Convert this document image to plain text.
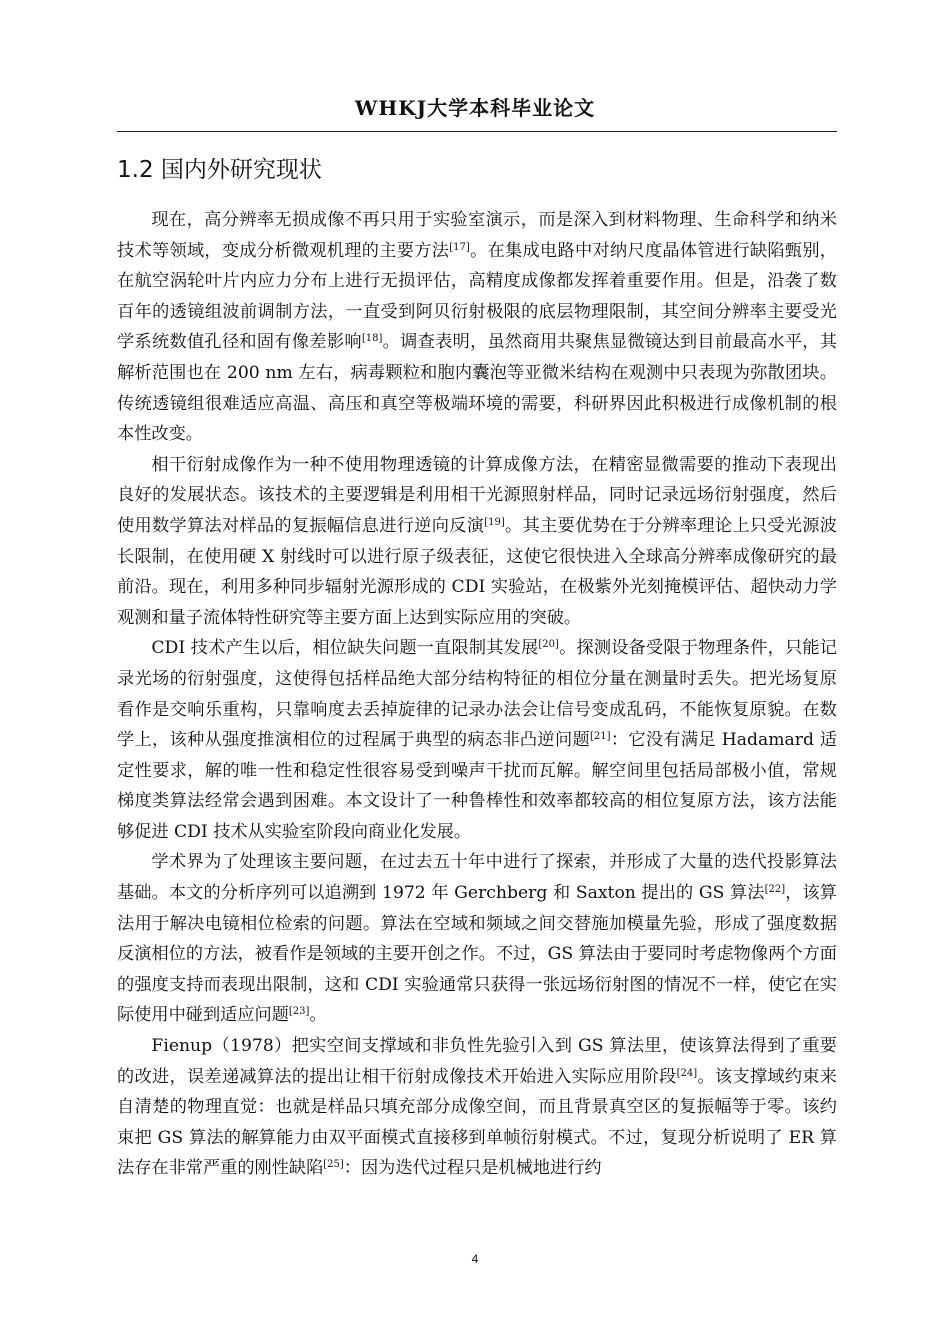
WHKJ大学本科毕业论文
1.2 国内外研究现状

现在，高分辨率无损成像不再只用于实验室演示，而是深入到材料物理、生命科学和纳米技术等领域，变成分析微观机理的主要方法[17]。在集成电路中对纳尺度晶体管进行缺陷甄别，在航空涡轮叶片内应力分布上进行无损评估，高精度成像都发挥着重要作用。但是，沿袭了数百年的透镜组波前调制方法，一直受到阿贝衍射极限的底层物理限制，其空间分辨率主要受光学系统数值孔径和固有像差影响[18]。调查表明，虽然商用共聚焦显微镜达到目前最高水平，其解析范围也在 200 nm 左右，病毒颗粒和胞内囊泡等亚微米结构在观测中只表现为弥散团块。传统透镜组很难适应高温、高压和真空等极端环境的需要，科研界因此积极进行成像机制的根本性改变。

相干衍射成像作为一种不使用物理透镜的计算成像方法，在精密显微需要的推动下表现出良好的发展状态。该技术的主要逻辑是利用相干光源照射样品，同时记录远场衍射强度，然后使用数学算法对样品的复振幅信息进行逆向反演[19]。其主要优势在于分辨率理论上只受光源波长限制，在使用硬 X 射线时可以进行原子级表征，这使它很快进入全球高分辨率成像研究的最前沿。现在，利用多种同步辐射光源形成的 CDI 实验站，在极紫外光刻掩模评估、超快动力学观测和量子流体特性研究等主要方面上达到实际应用的突破。

CDI 技术产生以后，相位缺失问题一直限制其发展[20]。探测设备受限于物理条件，只能记录光场的衍射强度，这使得包括样品绝大部分结构特征的相位分量在测量时丢失。把光场复原看作是交响乐重构，只靠响度去丢掉旋律的记录办法会让信号变成乱码，不能恢复原貌。在数学上，该种从强度推演相位的过程属于典型的病态非凸逆问题[21]：它没有满足 Hadamard 适定性要求，解的唯一性和稳定性很容易受到噪声干扰而瓦解。解空间里包括局部极小值，常规梯度类算法经常会遇到困难。本文设计了一种鲁棒性和效率都较高的相位复原方法，该方法能够促进 CDI 技术从实验室阶段向商业化发展。

学术界为了处理该主要问题，在过去五十年中进行了探索，并形成了大量的迭代投影算法基础。本文的分析序列可以追溯到 1972 年 Gerchberg 和 Saxton 提出的 GS 算法[22]，该算法用于解决电镜相位检索的问题。算法在空域和频域之间交替施加模量先验，形成了强度数据反演相位的方法，被看作是领域的主要开创之作。不过，GS 算法由于要同时考虑物像两个方面的强度支持而表现出限制，这和 CDI 实验通常只获得一张远场衍射图的情况不一样，使它在实际使用中碰到适应问题[23]。

Fienup（1978）把实空间支撑域和非负性先验引入到 GS 算法里，使该算法得到了重要的改进，误差递减算法的提出让相干衍射成像技术开始进入实际应用阶段[24]。该支撑域约束来自清楚的物理直觉：也就是样品只填充部分成像空间，而且背景真空区的复振幅等于零。该约束把 GS 算法的解算能力由双平面模式直接移到单帧衍射模式。不过，复现分析说明了 ER 算法存在非常严重的刚性缺陷[25]：因为迭代过程只是机械地进行约

4
